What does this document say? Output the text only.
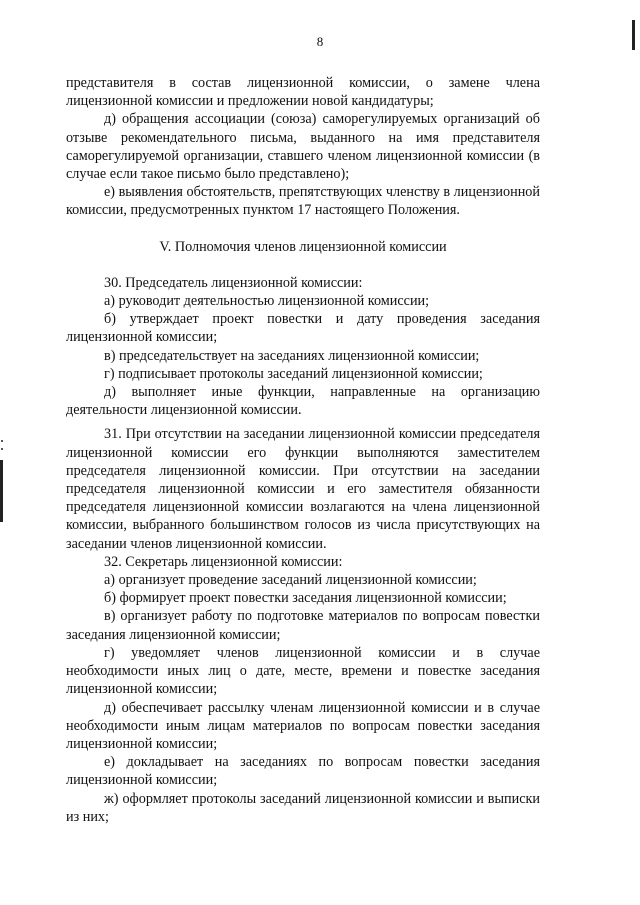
8

представителя в состав лицензионной комиссии, о замене члена лицензионной комиссии и предложении новой кандидатуры;

д) обращения ассоциации (союза) саморегулируемых организаций об отзыве рекомендательного письма, выданного на имя представителя саморегулируемой организации, ставшего членом лицензионной комиссии (в случае если такое письмо было представлено);

е) выявления обстоятельств, препятствующих членству в лицензионной комиссии, предусмотренных пунктом 17 настоящего Положения.

V. Полномочия членов лицензионной комиссии

30. Председатель лицензионной комиссии:

а) руководит деятельностью лицензионной комиссии;

б) утверждает проект повестки и дату проведения заседания лицензионной комиссии;

в) председательствует на заседаниях лицензионной комиссии;

г) подписывает протоколы заседаний лицензионной комиссии;

д) выполняет иные функции, направленные на организацию деятельности лицензионной комиссии.

31. При отсутствии на заседании лицензионной комиссии председателя лицензионной комиссии его функции выполняются заместителем председателя лицензионной комиссии. При отсутствии на заседании председателя лицензионной комиссии и его заместителя обязанности председателя лицензионной комиссии возлагаются на члена лицензионной комиссии, выбранного большинством голосов из числа присутствующих на заседании членов лицензионной комиссии.

32. Секретарь лицензионной комиссии:

а) организует проведение заседаний лицензионной комиссии;

б) формирует проект повестки заседания лицензионной комиссии;

в) организует работу по подготовке материалов по вопросам повестки заседания лицензионной комиссии;

г) уведомляет членов лицензионной комиссии и в случае необходимости иных лиц о дате, месте, времени и повестке заседания лицензионной комиссии;

д) обеспечивает рассылку членам лицензионной комиссии и в случае необходимости иным лицам материалов по вопросам повестки заседания лицензионной комиссии;

е) докладывает на заседаниях по вопросам повестки заседания лицензионной комиссии;

ж) оформляет протоколы заседаний лицензионной комиссии и выписки из них;
